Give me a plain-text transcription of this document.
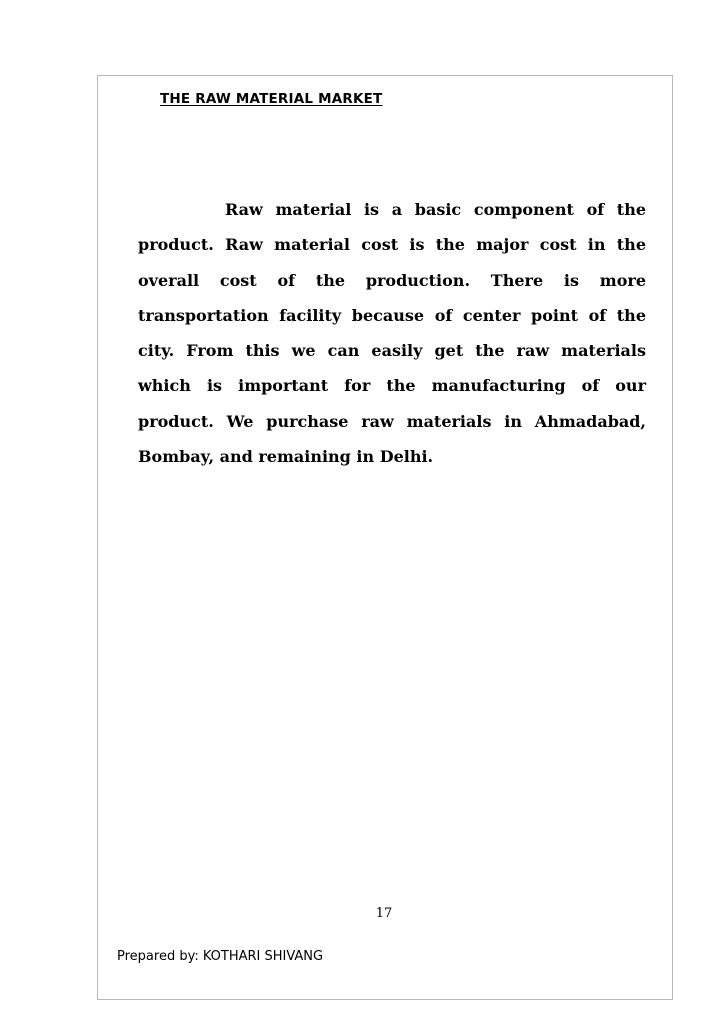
THE RAW MATERIAL MARKET

Raw material is a basic component of the product. Raw material cost is the major cost in the overall cost of the production. There is more transportation facility because of center point of the city. From this we can easily get the raw materials which is important for the manufacturing of our product. We purchase raw materials in Ahmadabad, Bombay, and remaining in Delhi.

17
Prepared by: KOTHARI SHIVANG
